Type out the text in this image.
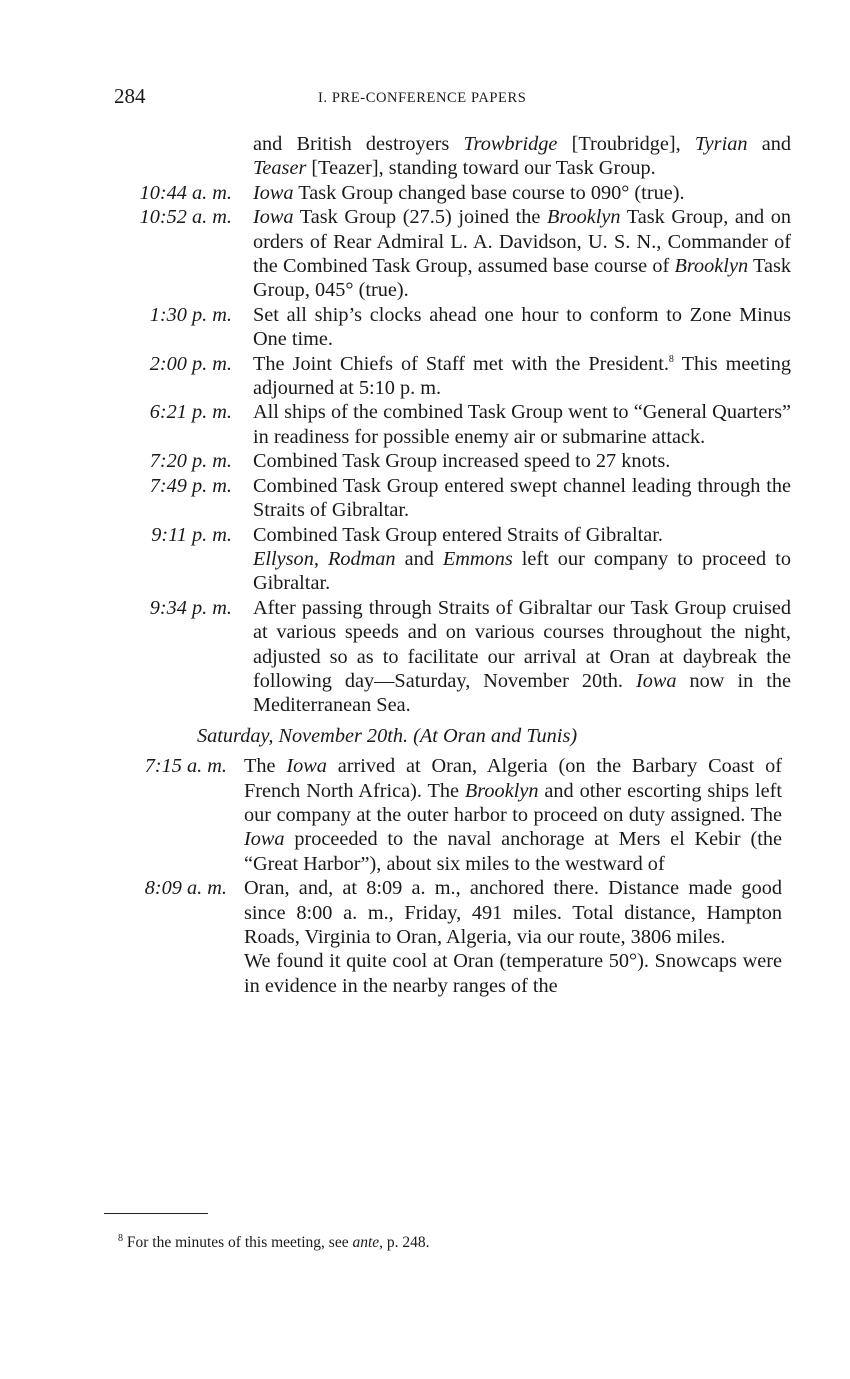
284	I. PRE-CONFERENCE PAPERS
and British destroyers Trowbridge [Troubridge], Tyrian and Teaser [Teazer], standing toward our Task Group.
10:44 a. m. Iowa Task Group changed base course to 090° (true).
10:52 a. m. Iowa Task Group (27.5) joined the Brooklyn Task Group, and on orders of Rear Admiral L. A. Davidson, U. S. N., Commander of the Combined Task Group, assumed base course of Brooklyn Task Group, 045° (true).
1:30 p. m. Set all ship’s clocks ahead one hour to conform to Zone Minus One time.
2:00 p. m. The Joint Chiefs of Staff met with the President.$^8$ This meeting adjourned at 5:10 p. m.
6:21 p. m. All ships of the combined Task Group went to “General Quarters” in readiness for possible enemy air or submarine attack.
7:20 p. m. Combined Task Group increased speed to 27 knots.
7:49 p. m. Combined Task Group entered swept channel leading through the Straits of Gibraltar.
9:11 p. m. Combined Task Group entered Straits of Gibraltar.
Ellyson, Rodman and Emmons left our company to proceed to Gibraltar.
9:34 p. m. After passing through Straits of Gibraltar our Task Group cruised at various speeds and on various courses throughout the night, adjusted so as to facilitate our arrival at Oran at daybreak the following day—Saturday, November 20th. Iowa now in the Mediterranean Sea.
Saturday, November 20th. (At Oran and Tunis)
7:15 a. m. The Iowa arrived at Oran, Algeria (on the Barbary Coast of French North Africa). The Brooklyn and other escorting ships left our company at the outer harbor to proceed on duty assigned. The Iowa proceeded to the naval anchorage at Mers el Kebir (the “Great Harbor”), about six miles to the westward of
8:09 a. m. Oran, and, at 8:09 a. m., anchored there. Distance made good since 8:00 a. m., Friday, 491 miles. Total distance, Hampton Roads, Virginia to Oran, Algeria, via our route, 3806 miles.
We found it quite cool at Oran (temperature 50°). Snowcaps were in evidence in the nearby ranges of the
$^8$ For the minutes of this meeting, see ante, p. 248.
